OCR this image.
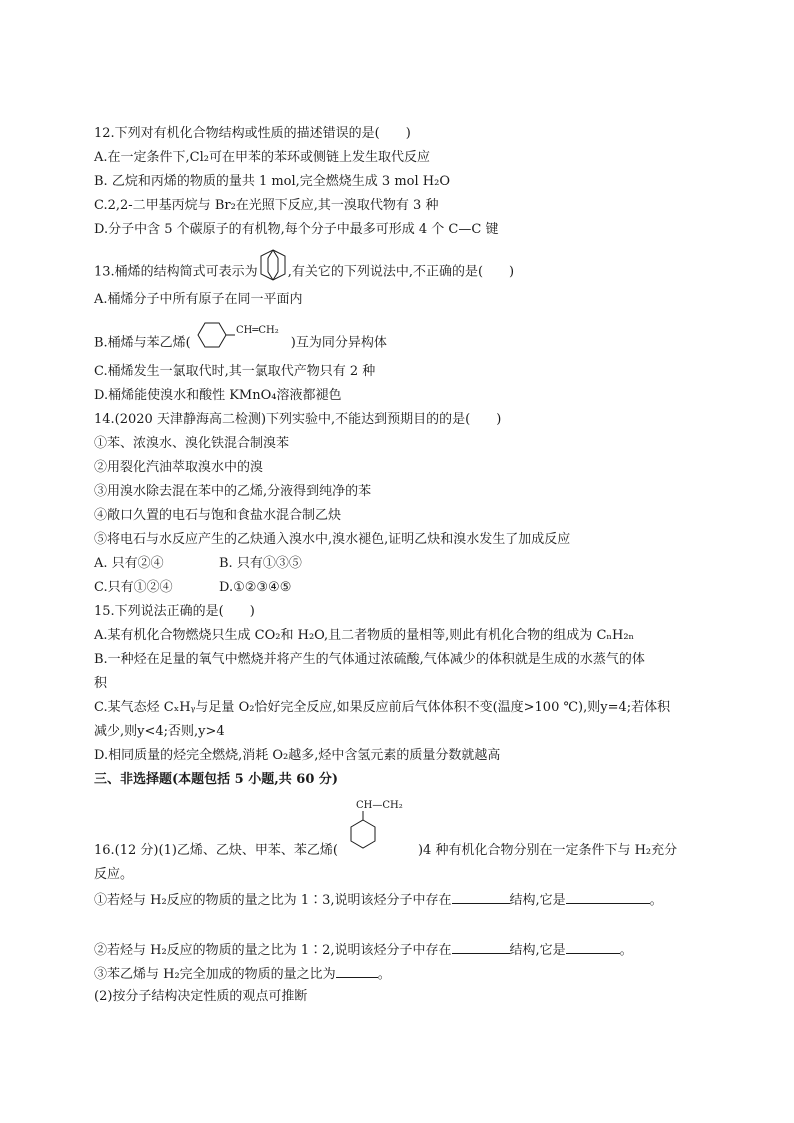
12.下列对有机化合物结构或性质的描述错误的是(　　)
A.在一定条件下,Cl₂可在甲苯的苯环或侧链上发生取代反应
B. 乙烷和丙烯的物质的量共 1 mol,完全燃烧生成 3 mol H₂O
C.2,2-二甲基丙烷与 Br₂在光照下反应,其一溴取代物有 3 种
D.分子中含 5 个碳原子的有机物,每个分子中最多可形成 4 个 C—C 键
13.桶烯的结构简式可表示为 ,有关它的下列说法中,不正确的是(　　)
A.桶烯分子中所有原子在同一平面内
B.桶烯与苯乙烯(
CH═CH₂
)互为同分异构体
C.桶烯发生一氯取代时,其一氯取代产物只有 2 种
D.桶烯能使溴水和酸性 KMnO₄溶液都褪色
14.(2020 天津静海高二检测)下列实验中,不能达到预期目的的是(　　)
①苯、浓溴水、溴化铁混合制溴苯
②用裂化汽油萃取溴水中的溴
③用溴水除去混在苯中的乙烯,分液得到纯净的苯
④敞口久置的电石与饱和食盐水混合制乙炔
⑤将电石与水反应产生的乙炔通入溴水中,溴水褪色,证明乙炔和溴水发生了加成反应
A. 只有②④	B. 只有①③⑤
C.只有①②④	D.①②③④⑤
15.下列说法正确的是(　　)
A.某有机化合物燃烧只生成 CO₂和 H₂O,且二者物质的量相等,则此有机化合物的组成为 CₙH₂ₙ
B.一种烃在足量的氧气中燃烧并将产生的气体通过浓硫酸,气体减少的体积就是生成的水蒸气的体
积
C.某气态烃 CₓHᵧ与足量 O₂恰好完全反应,如果反应前后气体体积不变(温度>100 ℃),则y=4;若体积
减少,则y<4;否则,y>4
D.相同质量的烃完全燃烧,消耗 O₂越多,烃中含氢元素的质量分数就越高
三、非选择题(本题包括 5 小题,共 60 分)
CH—CH₂
16.(12 分)(1)乙烯、乙炔、甲苯、苯乙烯(	)4 种有机化合物分别在一定条件下与 H₂充分
反应。
①若烃与 H₂反应的物质的量之比为 1∶3,说明该烃分子中存在	结构,它是	。
②若烃与 H₂反应的物质的量之比为 1∶2,说明该烃分子中存在	结构,它是	。
③苯乙烯与 H₂完全加成的物质的量之比为	。
(2)按分子结构决定性质的观点可推断
